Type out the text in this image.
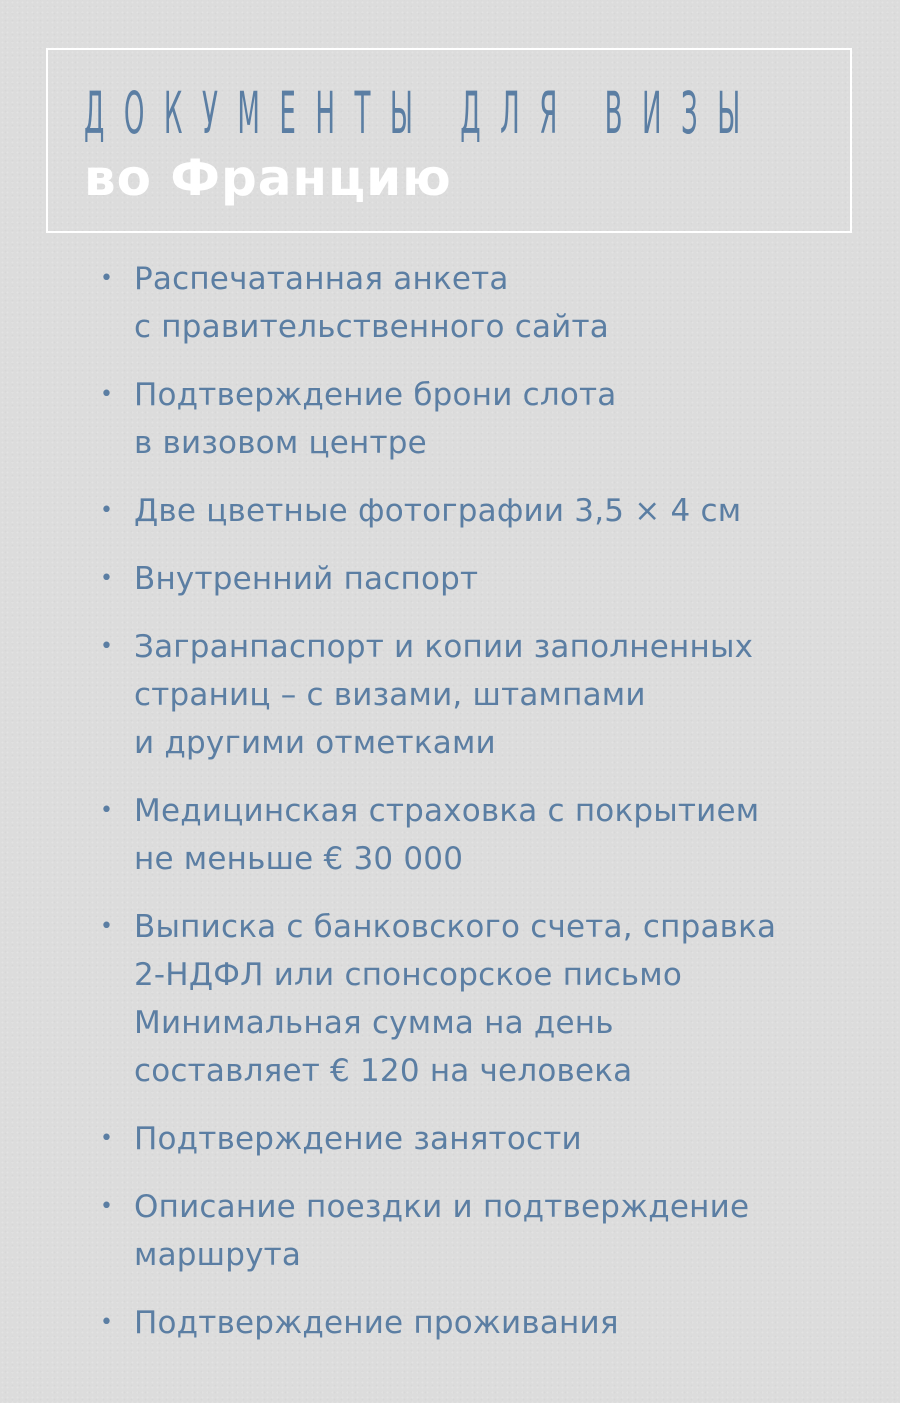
ДОКУМЕНТЫ ДЛЯ ВИЗЫ
во Францию
• Распечатанная анкета
с правительственного сайта
• Подтверждение брони слота
в визовом центре
• Две цветные фотографии 3,5 × 4 см
• Внутренний паспорт
• Загранпаспорт и копии заполненных
страниц – с визами, штампами
и другими отметками
• Медицинская страховка с покрытием
не меньше € 30 000
• Выписка с банковского счета, справка
2-НДФЛ или спонсорское письмо
Минимальная сумма на день
составляет € 120 на человека
• Подтверждение занятости
• Описание поездки и подтверждение
маршрута
• Подтверждение проживания
